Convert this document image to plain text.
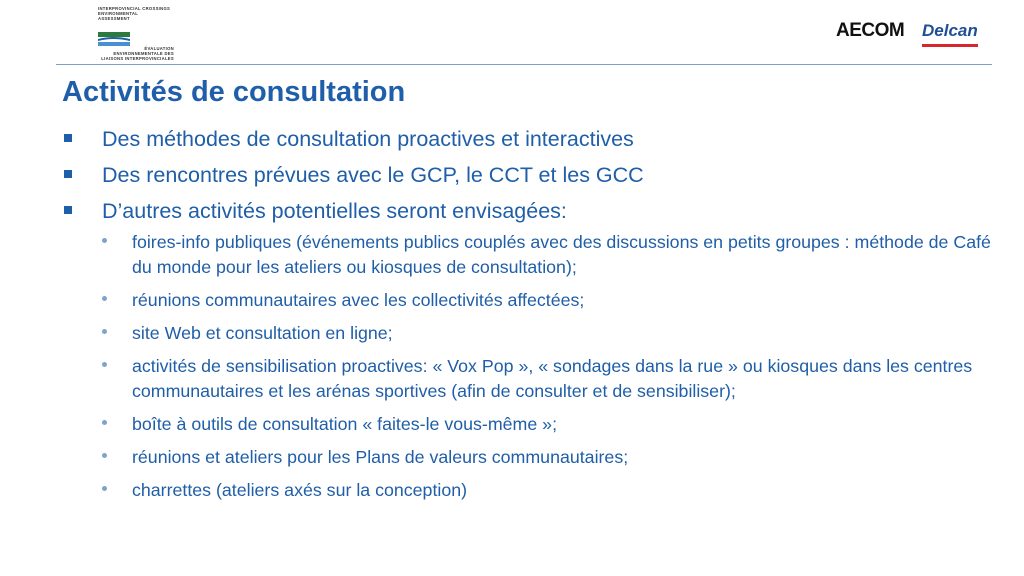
INTERPROVINCIAL CROSSINGS
ENVIRONMENTAL
ASSESSMENT
ÉVALUATION
ENVIRONNEMENTALE DES
LIAISONS INTERPROVINCIALES
AECOM Delcan
Activités de consultation
Des méthodes de consultation proactives et interactives
Des rencontres prévues avec le GCP, le CCT et les GCC
D’autres activités potentielles seront envisagées:
foires-info publiques (événements publics couplés avec des discussions en petits groupes : méthode de Café du monde pour les ateliers ou kiosques de consultation);
réunions communautaires avec les collectivités affectées;
site Web et consultation en ligne;
activités de sensibilisation proactives: « Vox Pop », « sondages dans la rue » ou kiosques dans les centres communautaires et les arénas sportives (afin de consulter et de sensibiliser);
boîte à outils de consultation « faites-le vous-même »;
réunions et ateliers pour les Plans de valeurs communautaires;
charrettes (ateliers axés sur la conception)
